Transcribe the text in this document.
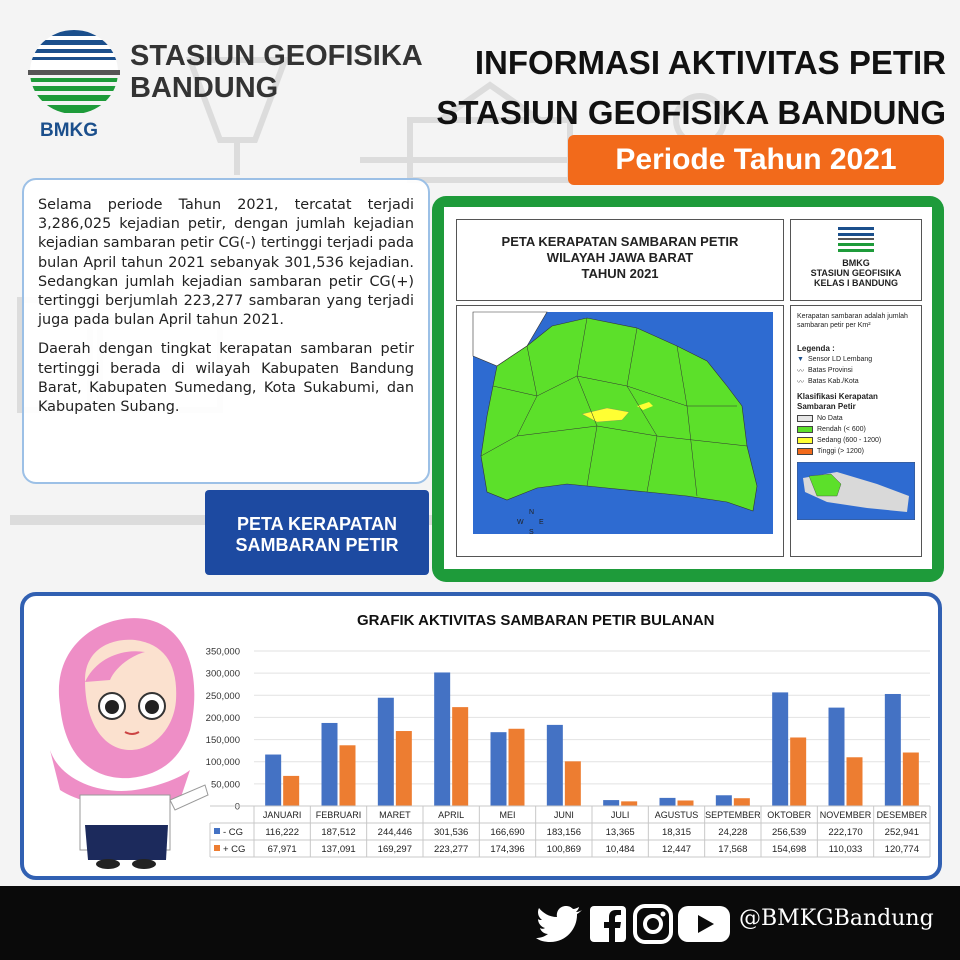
BMKG
STASIUN GEOFISIKA
BANDUNG
INFORMASI AKTIVITAS PETIR
STASIUN GEOFISIKA BANDUNG
Periode Tahun 2021

Selama periode Tahun 2021, tercatat terjadi 3,286,025 kejadian petir, dengan jumlah kejadian kejadian sambaran petir CG(-) tertinggi terjadi pada bulan April tahun 2021 sebanyak 301,536 kejadian. Sedangkan jumlah kejadian sambaran petir CG(+) tertinggi berjumlah 223,277 sambaran yang terjadi juga pada bulan April tahun 2021.

Daerah dengan tingkat kerapatan sambaran petir tertinggi berada di wilayah Kabupaten Bandung Barat, Kabupaten Sumedang, Kota Sukabumi, dan Kabupaten Subang.

PETA KERAPATAN
SAMBARAN PETIR
PETA KERAPATAN SAMBARAN PETIR
WILAYAH JAWA BARAT
TAHUN 2021
BMKG
STASIUN GEOFISIKA
KELAS I BANDUNG
W E
N
S
Kerapatan sambaran adalah jumlah sambaran petir per Km²
Legenda :
▼ Sensor LD Lembang
〰 Batas Provinsi
〰 Batas Kab./Kota
Klasifikasi Kerapatan Sambaran Petir
No Data
Rendah (< 600)
Sedang (600 - 1200)
Tinggi (> 1200)
GRAFIK AKTIVITAS SAMBARAN PETIR BULANAN
0
50,000
100,000
150,000
200,000
250,000
300,000
350,000
JANUARI
116,222
67,971
FEBRUARI
187,512
137,091
MARET
244,446
169,297
APRIL
301,536
223,277
MEI
166,690
174,396
JUNI
183,156
100,869
JULI
13,365
10,484
AGUSTUS
18,315
12,447
SEPTEMBER
24,228
17,568
OKTOBER
256,539
154,698
NOVEMBER
222,170
110,033
DESEMBER
252,941
120,774
- CG
+ CG
@BMKGBandung
